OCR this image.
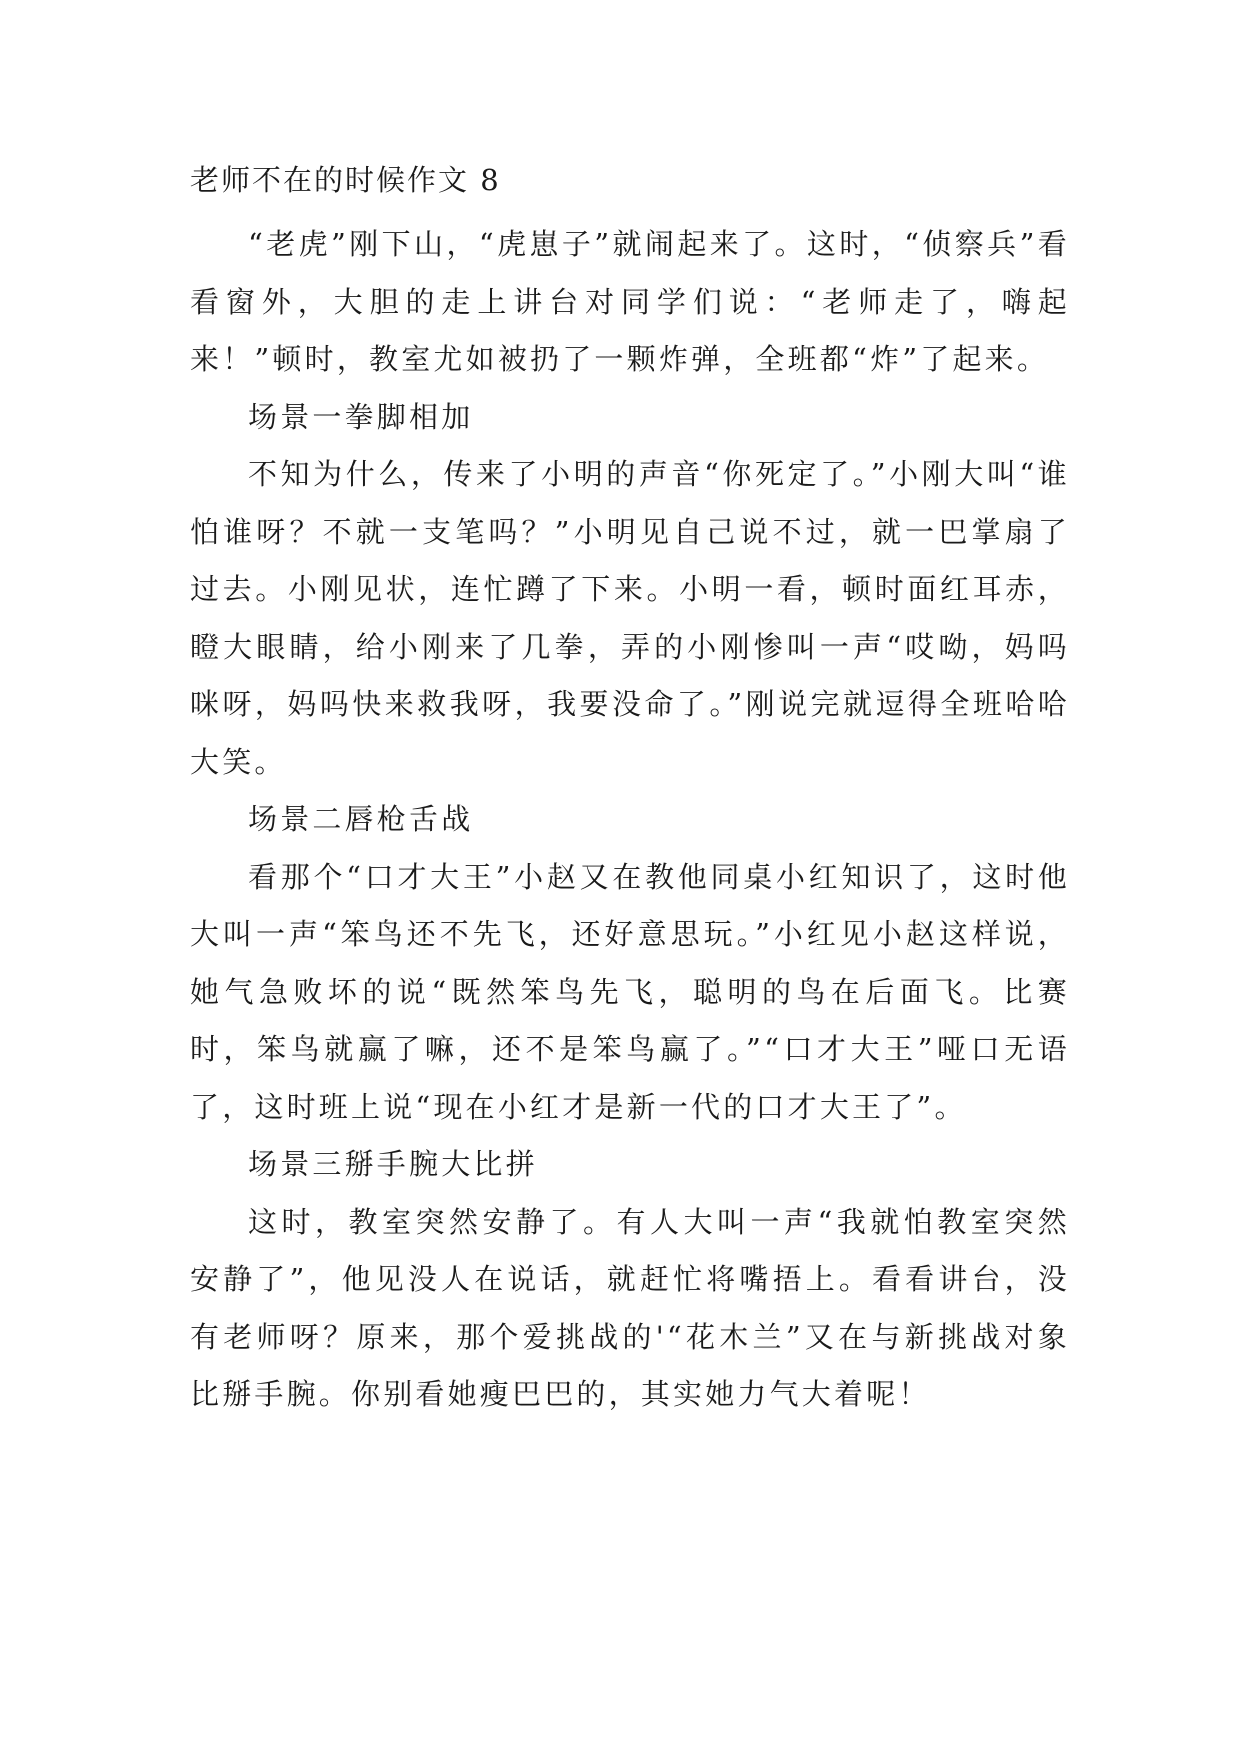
老师不在的时候作文 8

“老虎”刚下山，“虎崽子”就闹起来了。这时，“侦察兵”看看窗外，大胆的走上讲台对同学们说：“老师走了，嗨起来！”顿时，教室尤如被扔了一颗炸弹，全班都“炸”了起来。

场景一拳脚相加

不知为什么，传来了小明的声音“你死定了。”小刚大叫“谁怕谁呀？不就一支笔吗？”小明见自己说不过，就一巴掌扇了过去。小刚见状，连忙蹲了下来。小明一看，顿时面红耳赤，瞪大眼睛，给小刚来了几拳，弄的小刚惨叫一声“哎呦，妈吗咪呀，妈吗快来救我呀，我要没命了。”刚说完就逗得全班哈哈大笑。

场景二唇枪舌战

看那个“口才大王”小赵又在教他同桌小红知识了，这时他大叫一声“笨鸟还不先飞，还好意思玩。”小红见小赵这样说，她气急败坏的说“既然笨鸟先飞，聪明的鸟在后面飞。比赛时，笨鸟就赢了嘛，还不是笨鸟赢了。”“口才大王”哑口无语了，这时班上说“现在小红才是新一代的口才大王了”。

场景三掰手腕大比拼

这时，教室突然安静了。有人大叫一声“我就怕教室突然安静了”，他见没人在说话，就赶忙将嘴捂上。看看讲台，没有老师呀？原来，那个爱挑战的'“花木兰”又在与新挑战对象比掰手腕。你别看她瘦巴巴的，其实她力气大着呢！
